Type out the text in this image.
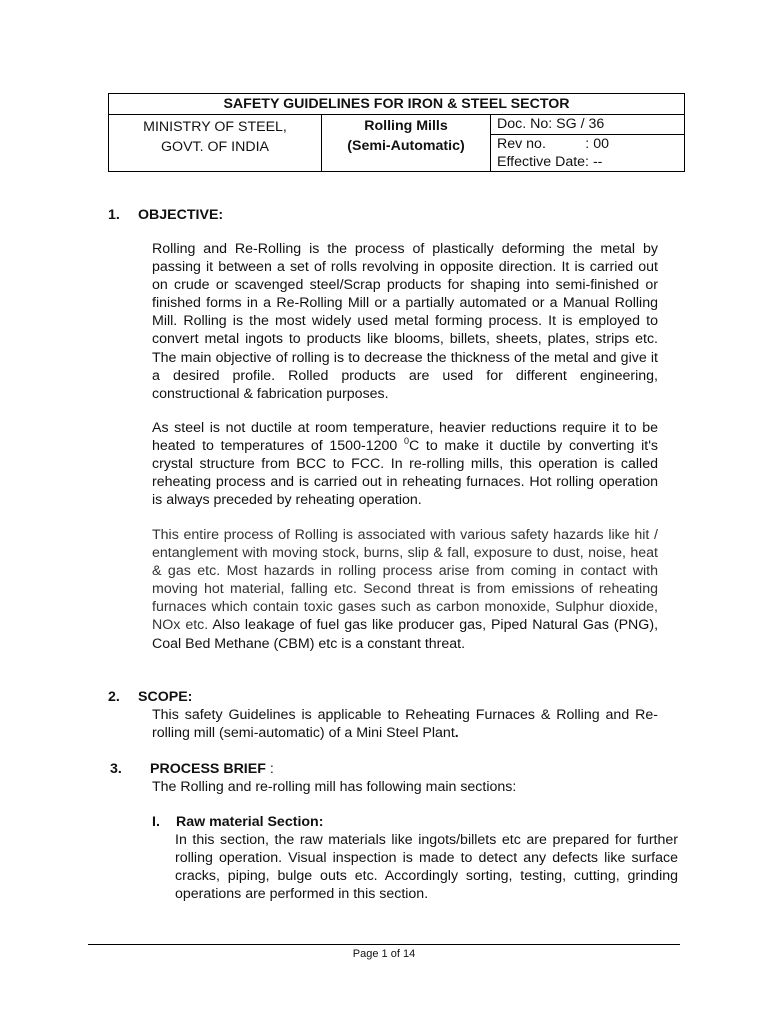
SAFETY GUIDELINES FOR IRON & STEEL SECTOR
MINISTRY OF STEEL,
GOVT. OF INDIA
Rolling Mills
(Semi-Automatic)
Doc. No: SG / 36
Rev no.          : 00
Effective Date: --
1. OBJECTIVE:
Rolling and Re-Rolling is the process of plastically deforming the metal by passing it between a set of rolls revolving in opposite direction. It is carried out on crude or scavenged steel/Scrap products for shaping into semi-finished or finished forms in a Re-Rolling Mill or a partially automated or a Manual Rolling Mill. Rolling is the most widely used metal forming process. It is employed to convert metal ingots to products like blooms, billets, sheets, plates, strips etc. The main objective of rolling is to decrease the thickness of the metal and give it a desired profile. Rolled products are used for different engineering, constructional & fabrication purposes.
As steel is not ductile at room temperature, heavier reductions require it to be heated to temperatures of 1500-1200 $^0$C to make it ductile by converting it's crystal structure from BCC to FCC. In re-rolling mills, this operation is called reheating process and is carried out in reheating furnaces. Hot rolling operation is always preceded by reheating operation.
This entire process of Rolling is associated with various safety hazards like hit / entanglement with moving stock, burns, slip & fall, exposure to dust, noise, heat & gas etc. Most hazards in rolling process arise from coming in contact with moving hot material, falling etc. Second threat is from emissions of reheating furnaces which contain toxic gases such as carbon monoxide, Sulphur dioxide, NOx etc. Also leakage of fuel gas like producer gas, Piped Natural Gas (PNG), Coal Bed Methane (CBM) etc is a constant threat.
2. SCOPE:
This safety Guidelines is applicable to Reheating Furnaces & Rolling and Re-rolling mill (semi-automatic) of a Mini Steel Plant.
3. PROCESS BRIEF :
The Rolling and re-rolling mill has following main sections:
I. Raw material Section:
In this section, the raw materials like ingots/billets etc are prepared for further rolling operation. Visual inspection is made to detect any defects like surface cracks, piping, bulge outs etc. Accordingly sorting, testing, cutting, grinding operations are performed in this section.
Page 1 of 14
